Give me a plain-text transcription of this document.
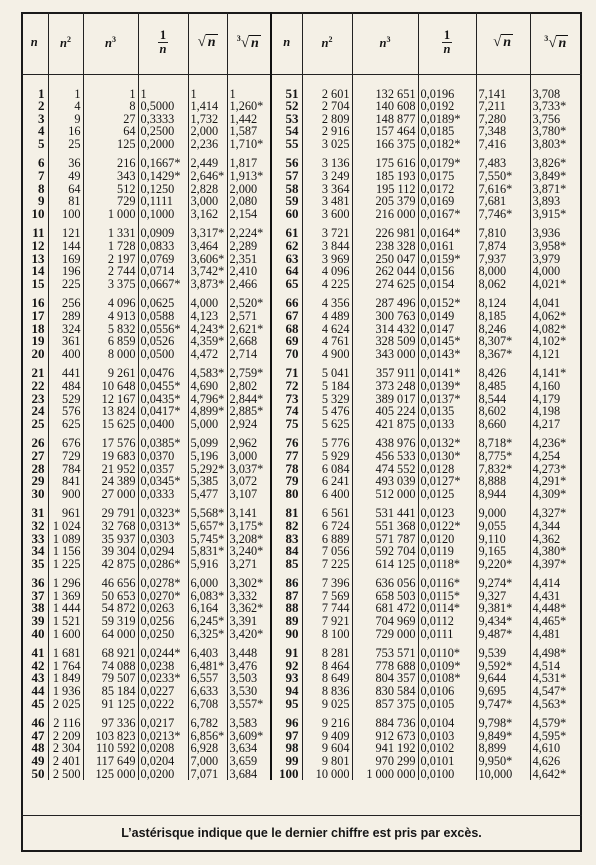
n	$n^2$	$n^3$	$\frac{1}{n}$	√ n	$^3$√ n	n	$n^2$	$n^3$	$\frac{1}{n}$	√ n	$^3$√ n

1	1	1	1	1	1	51	2 601	132 651	0,0196	7,141	3,708
2	4	8	0,5000	1,414	1,260*	52	2 704	140 608	0,0192	7,211	3,733*
3	9	27	0,3333	1,732	1,442	53	2 809	148 877	0,0189*	7,280	3,756
4	16	64	0,2500	2,000	1,587	54	2 916	157 464	0,0185	7,348	3,780*
5	25	125	0,2000	2,236	1,710*	55	3 025	166 375	0,0182*	7,416	3,803*
6	36	216	0,1667*	2,449	1,817	56	3 136	175 616	0,0179*	7,483	3,826*
7	49	343	0,1429*	2,646*	1,913*	57	3 249	185 193	0,0175	7,550*	3,849*
8	64	512	0,1250	2,828	2,000	58	3 364	195 112	0,0172	7,616*	3,871*
9	81	729	0,1111	3,000	2,080	59	3 481	205 379	0,0169	7,681	3,893
10	100	1 000	0,1000	3,162	2,154	60	3 600	216 000	0,0167*	7,746*	3,915*
11	121	1 331	0,0909	3,317*	2,224*	61	3 721	226 981	0,0164*	7,810	3,936
12	144	1 728	0,0833	3,464	2,289	62	3 844	238 328	0,0161	7,874	3,958*
13	169	2 197	0,0769	3,606*	2,351	63	3 969	250 047	0,0159*	7,937	3,979
14	196	2 744	0,0714	3,742*	2,410	64	4 096	262 044	0,0156	8,000	4,000
15	225	3 375	0,0667*	3,873*	2,466	65	4 225	274 625	0,0154	8,062	4,021*
16	256	4 096	0,0625	4,000	2,520*	66	4 356	287 496	0,0152*	8,124	4,041
17	289	4 913	0,0588	4,123	2,571	67	4 489	300 763	0,0149	8,185	4,062*
18	324	5 832	0,0556*	4,243*	2,621*	68	4 624	314 432	0,0147	8,246	4,082*
19	361	6 859	0,0526	4,359*	2,668	69	4 761	328 509	0,0145*	8,307*	4,102*
20	400	8 000	0,0500	4,472	2,714	70	4 900	343 000	0,0143*	8,367*	4,121
21	441	9 261	0,0476	4,583*	2,759*	71	5 041	357 911	0,0141*	8,426	4,141*
22	484	10 648	0,0455*	4,690	2,802	72	5 184	373 248	0,0139*	8,485	4,160
23	529	12 167	0,0435*	4,796*	2,844*	73	5 329	389 017	0,0137*	8,544	4,179
24	576	13 824	0,0417*	4,899*	2,885*	74	5 476	405 224	0,0135	8,602	4,198
25	625	15 625	0,0400	5,000	2,924	75	5 625	421 875	0,0133	8,660	4,217
26	676	17 576	0,0385*	5,099	2,962	76	5 776	438 976	0,0132*	8,718*	4,236*
27	729	19 683	0,0370	5,196	3,000	77	5 929	456 533	0,0130*	8,775*	4,254
28	784	21 952	0,0357	5,292*	3,037*	78	6 084	474 552	0,0128	7,832*	4,273*
29	841	24 389	0,0345*	5,385	3,072	79	6 241	493 039	0,0127*	8,888	4,291*
30	900	27 000	0,0333	5,477	3,107	80	6 400	512 000	0,0125	8,944	4,309*
31	961	29 791	0,0323*	5,568*	3,141	81	6 561	531 441	0,0123	9,000	4,327*
32	1 024	32 768	0,0313*	5,657*	3,175*	82	6 724	551 368	0,0122*	9,055	4,344
33	1 089	35 937	0,0303	5,745*	3,208*	83	6 889	571 787	0,0120	9,110	4,362
34	1 156	39 304	0,0294	5,831*	3,240*	84	7 056	592 704	0,0119	9,165	4,380*
35	1 225	42 875	0,0286*	5,916	3,271	85	7 225	614 125	0,0118*	9,220*	4,397*
36	1 296	46 656	0,0278*	6,000	3,302*	86	7 396	636 056	0,0116*	9,274*	4,414
37	1 369	50 653	0,0270*	6,083*	3,332	87	7 569	658 503	0,0115*	9,327	4,431
38	1 444	54 872	0,0263	6,164	3,362*	88	7 744	681 472	0,0114*	9,381*	4,448*
39	1 521	59 319	0,0256	6,245*	3,391	89	7 921	704 969	0,0112	9,434*	4,465*
40	1 600	64 000	0,0250	6,325*	3,420*	90	8 100	729 000	0,0111	9,487*	4,481
41	1 681	68 921	0,0244*	6,403	3,448	91	8 281	753 571	0,0110*	9,539	4,498*
42	1 764	74 088	0,0238	6,481*	3,476	92	8 464	778 688	0,0109*	9,592*	4,514
43	1 849	79 507	0,0233*	6,557	3,503	93	8 649	804 357	0,0108*	9,644	4,531*
44	1 936	85 184	0,0227	6,633	3,530	94	8 836	830 584	0,0106	9,695	4,547*
45	2 025	91 125	0,0222	6,708	3,557*	95	9 025	857 375	0,0105	9,747*	4,563*
46	2 116	97 336	0,0217	6,782	3,583	96	9 216	884 736	0,0104	9,798*	4,579*
47	2 209	103 823	0,0213*	6,856*	3,609*	97	9 409	912 673	0,0103	9,849*	4,595*
48	2 304	110 592	0,0208	6,928	3,634	98	9 604	941 192	0,0102	8,899	4,610
49	2 401	117 649	0,0204	7,000	3,659	99	9 801	970 299	0,0101	9,950*	4,626
50	2 500	125 000	0,0200	7,071	3,684	100	10 000	1 000 000	0,0100	10,000	4,642*
L’astérisque indique que le dernier chiffre est pris par excès.
